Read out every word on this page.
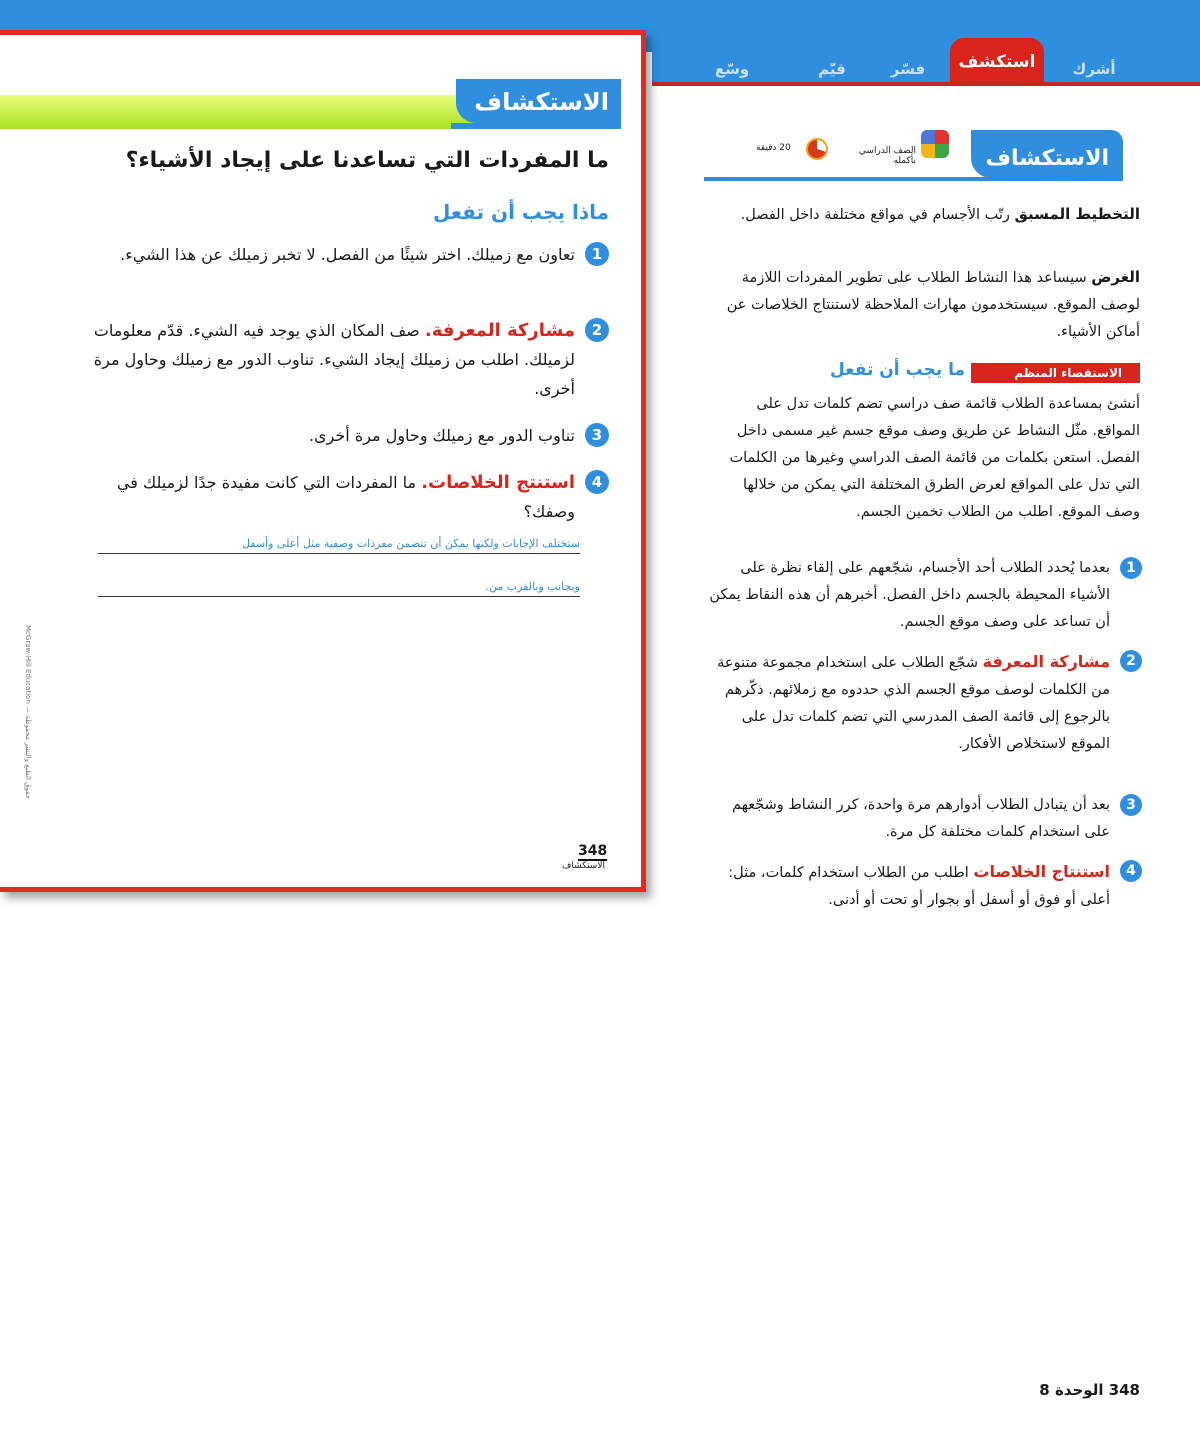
أشرك
استكشف
فسّر
قيّم
وسّع
الاستكشاف
ما المفردات التي تساعدنا على إيجاد الأشياء؟
ماذا يجب أن تفعل
1
تعاون مع زميلك. اختر شيئًا من الفصل. لا تخبر زميلك عن هذا الشيء.
2
مشاركة المعرفة. صف المكان الذي يوجد فيه الشيء. قدّم معلومات لزميلك. اطلب من زميلك إيجاد الشيء. تناوب الدور مع زميلك وحاول مرة أخرى.
3
تناوب الدور مع زميلك وحاول مرة أخرى.
4
استنتج الخلاصات. ما المفردات التي كانت مفيدة جدًا لزميلك في وصفك؟
ستختلف الإجابات ولكنها يمكن أن تتضمن مفردات وصفية مثل أعلى وأسفل
وبجانب وبالقرب من.
McGraw-Hill Education — حقوق الطبع والنشر محفوظة
348
الاستكشاف
الاستكشاف
الصف الدراسي بأكمله
20 دقيقة
التخطيط المسبق رتّب الأجسام في مواقع مختلفة داخل الفصل.
الغرض سيساعد هذا النشاط الطلاب على تطوير المفردات اللازمة لوصف الموقع. سيستخدمون مهارات الملاحظة لاستنتاج الخلاصات عن أماكن الأشياء.
الاستقصاء المنظم
ما يجب أن تفعل
أنشئ بمساعدة الطلاب قائمة صف دراسي تضم كلمات تدل على المواقع. مثّل النشاط عن طريق وصف موقع جسم غير مسمى داخل الفصل. استعن بكلمات من قائمة الصف الدراسي وغيرها من الكلمات التي تدل على المواقع لعرض الطرق المختلفة التي يمكن من خلالها وصف الموقع. اطلب من الطلاب تخمين الجسم.
1
بعدما يُحدد الطلاب أحد الأجسام، شجّعهم على إلقاء نظرة على الأشياء المحيطة بالجسم داخل الفصل. أخبرهم أن هذه النقاط يمكن أن تساعد على وصف موقع الجسم.
2
مشاركة المعرفة شجّع الطلاب على استخدام مجموعة متنوعة من الكلمات لوصف موقع الجسم الذي حددوه مع زملائهم. ذكّرهم بالرجوع إلى قائمة الصف المدرسي التي تضم كلمات تدل على الموقع لاستخلاص الأفكار.
3
بعد أن يتبادل الطلاب أدوارهم مرة واحدة، كرر النشاط وشجّعهم على استخدام كلمات مختلفة كل مرة.
4
استنتاج الخلاصات اطلب من الطلاب استخدام كلمات، مثل: أعلى أو فوق أو أسفل أو بجوار أو تحت أو أدنى.
348 الوحدة 8
